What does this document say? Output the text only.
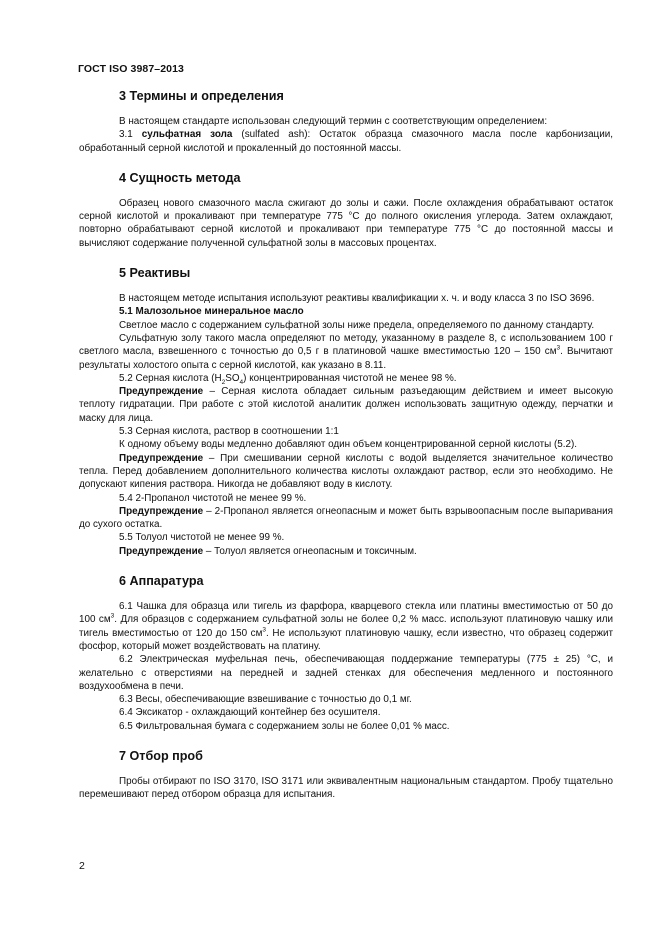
ГОСТ ISO 3987–2013
3 Термины и определения

В настоящем стандарте использован следующий термин с соответствующим определением:

3.1 сульфатная зола (sulfated ash): Остаток образца смазочного масла после карбонизации, обработанный серной кислотой и прокаленный до постоянной массы.

4 Сущность метода

Образец нового смазочного масла сжигают до золы и сажи. После охлаждения обрабатывают остаток серной кислотой и прокаливают при температуре 775 °С до полного окисления углерода. Затем охлаждают, повторно обрабатывают серной кислотой и прокаливают при температуре 775 °С до постоянной массы и вычисляют содержание полученной сульфатной золы в массовых процентах.

5 Реактивы

В настоящем методе испытания используют реактивы квалификации х. ч. и воду класса 3 по ISO 3696.

5.1 Малозольное минеральное масло

Светлое масло с содержанием сульфатной золы ниже предела, определяемого по данному стандарту.

Сульфатную золу такого масла определяют по методу, указанному в разделе 8, с использованием 100 г светлого масла, взвешенного с точностью до 0,5 г в платиновой чашке вместимостью 120 – 150 $см^3$. Вычитают результаты холостого опыта с серной кислотой, как указано в 8.11.

5.2 Серная кислота $(H_2SO_4)$ концентрированная чистотой не менее 98 %.

Предупреждение – Серная кислота обладает сильным разъедающим действием и имеет высокую теплоту гидратации. При работе с этой кислотой аналитик должен использовать защитную одежду, перчатки и маску для лица.

5.3 Серная кислота, раствор в соотношении 1:1

К одному объему воды медленно добавляют один объем концентрированной серной кислоты (5.2).

Предупреждение – При смешивании серной кислоты с водой выделяется значительное количество тепла. Перед добавлением дополнительного количества кислоты охлаждают раствор, если это необходимо. Не допускают кипения раствора. Никогда не добавляют воду в кислоту.

5.4 2-Пропанол чистотой не менее 99 %.

Предупреждение – 2-Пропанол является огнеопасным и может быть взрывоопасным после выпаривания до сухого остатка.

5.5 Толуол чистотой не менее 99 %.

Предупреждение – Толуол является огнеопасным и токсичным.

6 Аппаратура

6.1 Чашка для образца или тигель из фарфора, кварцевого стекла или платины вместимостью от 50 до 100 $см^3$. Для образцов с содержанием сульфатной золы не более 0,2 % масс. используют платиновую чашку или тигель вместимостью от 120 до 150 $см^3$. Не используют платиновую чашку, если известно, что образец содержит фосфор, который может воздействовать на платину.

6.2 Электрическая муфельная печь, обеспечивающая поддержание температуры (775 ± 25) °С, и желательно с отверстиями на передней и задней стенках для обеспечения медленного и постоянного воздухообмена в печи.

6.3 Весы, обеспечивающие взвешивание с точностью до 0,1 мг.

6.4 Эксикатор - охлаждающий контейнер без осушителя.

6.5 Фильтровальная бумага с содержанием золы не более 0,01 % масс.

7 Отбор проб

Пробы отбирают по ISO 3170, ISO 3171 или эквивалентным национальным стандартом. Пробу тщательно перемешивают перед отбором образца для испытания.

2
